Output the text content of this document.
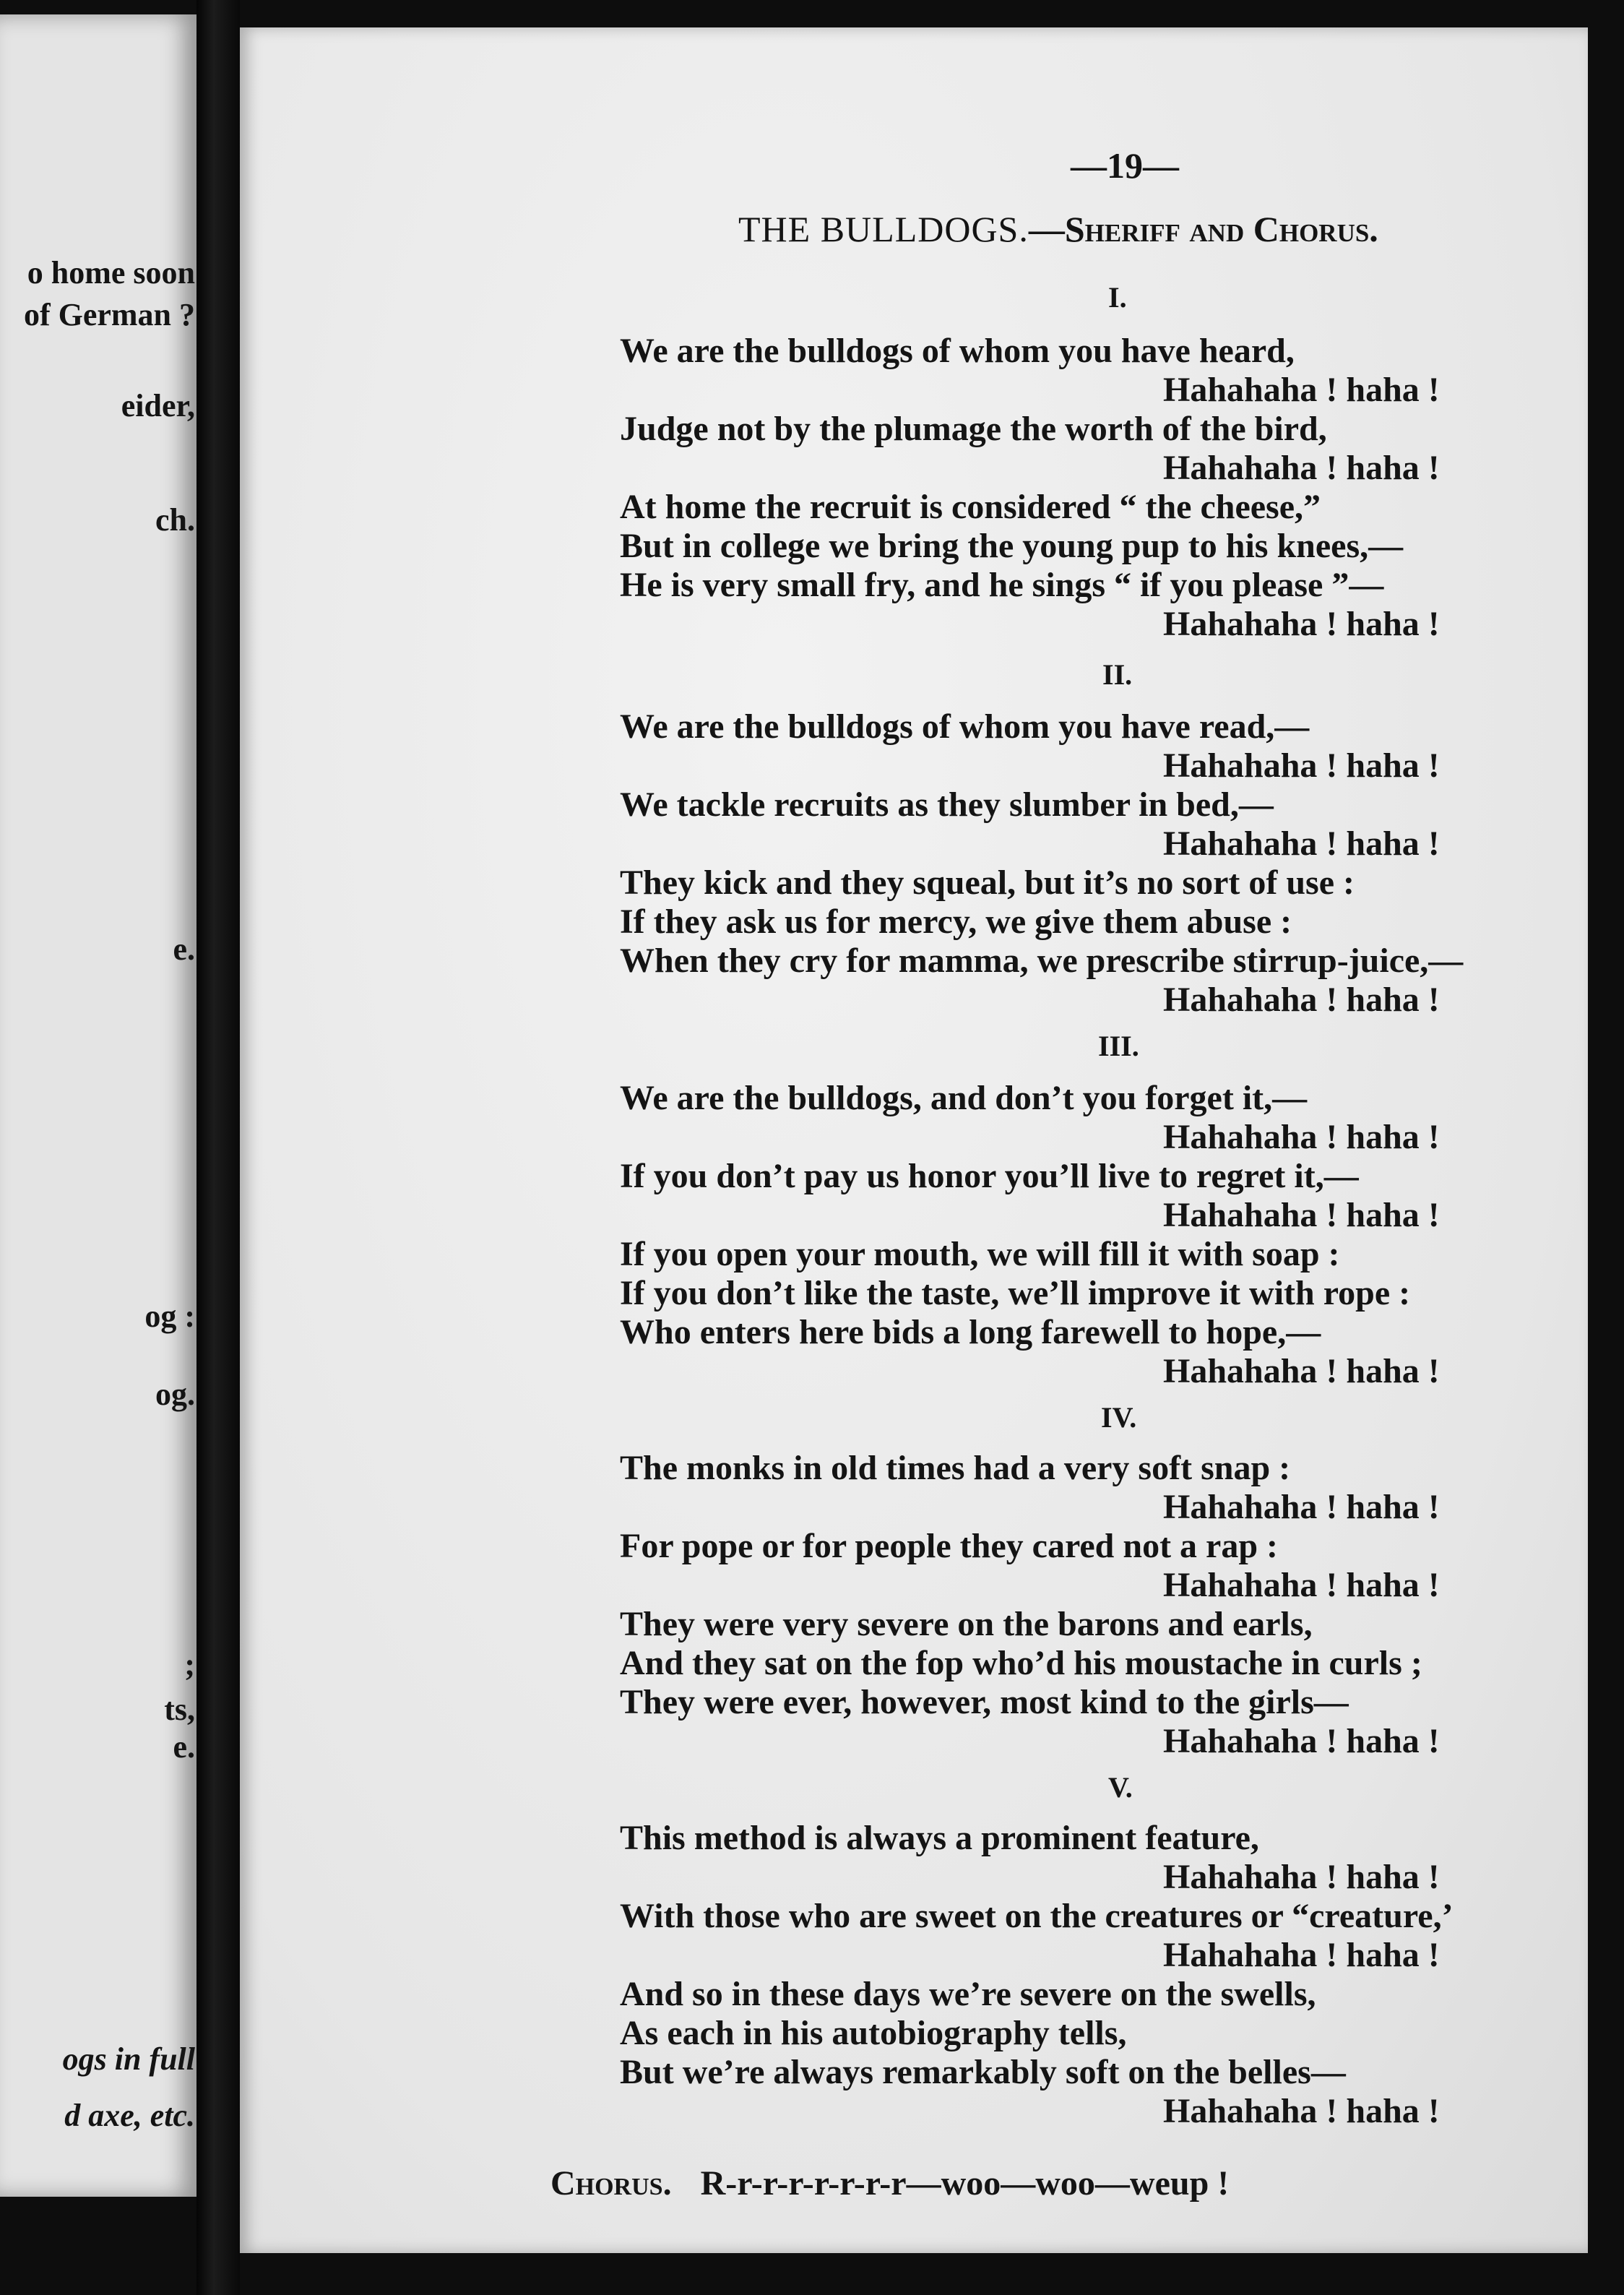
o home soon
of German ?
eider,
ch.
e.
og :
og.
;
ts,
e.
ogs in full
d axe, etc.
—19—
THE BULLDOGS.—Sheriff and Chorus.
I.
We are the bulldogs of whom you have heard,
Hahahaha ! haha !
Judge not by the plumage the worth of the bird,
Hahahaha ! haha !
At home the recruit is considered “ the cheese,”
But in college we bring the young pup to his knees,—
He is very small fry, and he sings “ if you please ”—
Hahahaha ! haha !
II.
We are the bulldogs of whom you have read,—
Hahahaha ! haha !
We tackle recruits as they slumber in bed,—
Hahahaha ! haha !
They kick and they squeal, but it’s no sort of use :
If they ask us for mercy, we give them abuse :
When they cry for mamma, we prescribe stirrup-juice,—
Hahahaha ! haha !
III.
We are the bulldogs, and don’t you forget it,—
Hahahaha ! haha !
If you don’t pay us honor you’ll live to regret it,—
Hahahaha ! haha !
If you open your mouth, we will fill it with soap :
If you don’t like the taste, we’ll improve it with rope :
Who enters here bids a long farewell to hope,—
Hahahaha ! haha !
IV.
The monks in old times had a very soft snap :
Hahahaha ! haha !
For pope or for people they cared not a rap :
Hahahaha ! haha !
They were very severe on the barons and earls,
And they sat on the fop who’d his moustache in curls ;
They were ever, however, most kind to the girls—
Hahahaha ! haha !
V.
This method is always a prominent feature,
Hahahaha ! haha !
With those who are sweet on the creatures or “creature,’
Hahahaha ! haha !
And so in these days we’re severe on the swells,
As each in his autobiography tells,
But we’re always remarkably soft on the belles—
Hahahaha ! haha !
Chorus. R-r-r-r-r-r-r-r—woo—woo—weup !
